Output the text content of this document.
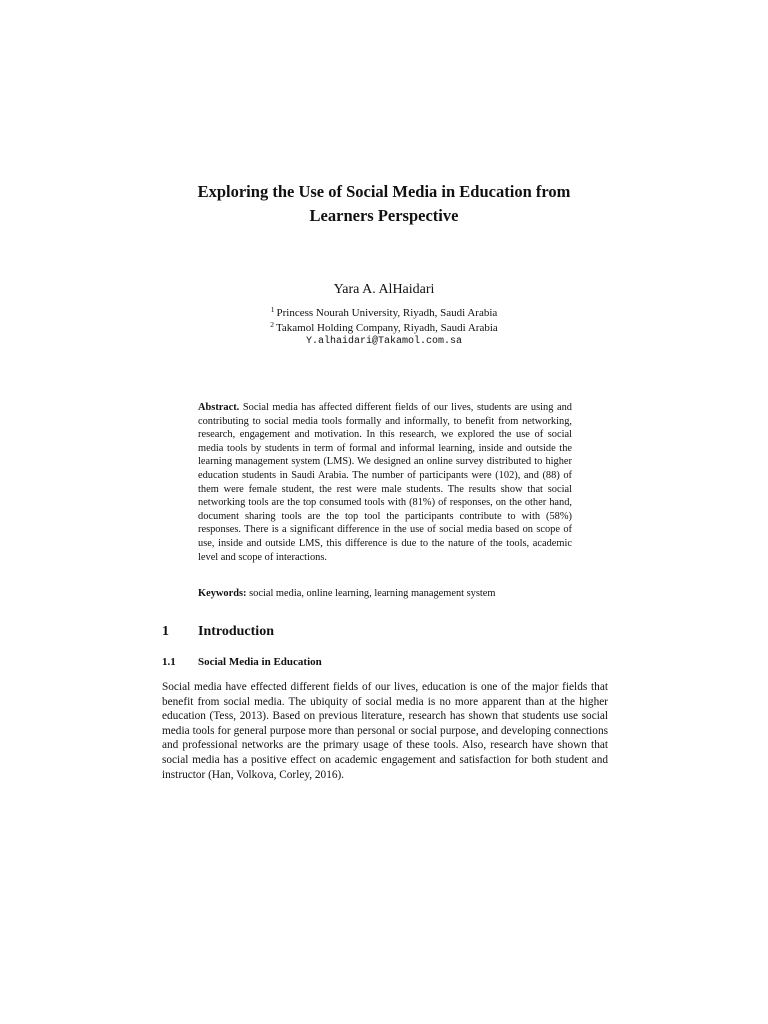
Exploring the Use of Social Media in Education from
Learners Perspective
Yara A. AlHaidari
$^1$ Princess Nourah University, Riyadh, Saudi Arabia
$^2$ Takamol Holding Company, Riyadh, Saudi Arabia
Y.alhaidari@Takamol.com.sa
Abstract. Social media has affected different fields of our lives, students are using and contributing to social media tools formally and informally, to benefit from networking, research, engagement and motivation. In this research, we explored the use of social media tools by students in term of formal and informal learning, inside and outside the learning management system (LMS). We designed an online survey distributed to higher education students in Saudi Arabia. The number of participants were (102), and (88) of them were female student, the rest were male students. The results show that social networking tools are the top consumed tools with (81%) of responses, on the other hand, document sharing tools are the top tool the participants contribute to with (58%) responses. There is a significant difference in the use of social media based on scope of use, inside and outside LMS, this difference is due to the nature of the tools, academic level and scope of interactions.
Keywords: social media, online learning, learning management system
1 Introduction
1.1 Social Media in Education
Social media have effected different fields of our lives, education is one of the major fields that benefit from social media. The ubiquity of social media is no more apparent than at the higher education (Tess, 2013). Based on previous literature, research has shown that students use social media tools for general purpose more than personal or social purpose, and developing connections and professional networks are the primary usage of these tools. Also, research have shown that social media has a positive effect on academic engagement and satisfaction for both student and instructor (Han, Volkova, Corley, 2016).
